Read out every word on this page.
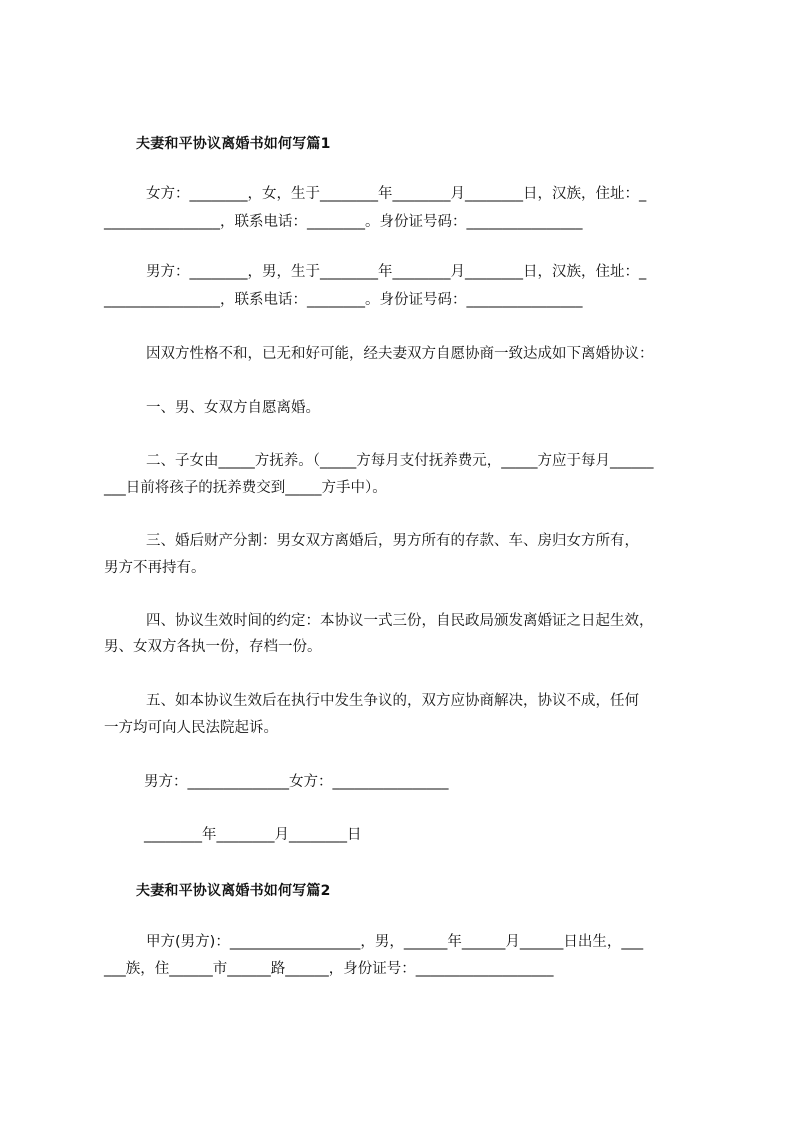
夫妻和平协议离婚书如何写篇1
女方：________，女，生于________年________月________日，汉族，住址：_
________________，联系电话：________。身份证号码：________________
男方：________，男，生于________年________月________日，汉族，住址：_
________________，联系电话：________。身份证号码：________________
因双方性格不和，已无和好可能，经夫妻双方自愿协商一致达成如下离婚协议：
一、男、女双方自愿离婚。
二、子女由_____方抚养。（_____方每月支付抚养费元，_____方应于每月______
___日前将孩子的抚养费交到_____方手中）。
三、婚后财产分割：男女双方离婚后，男方所有的存款、车、房归女方所有，
男方不再持有。
四、协议生效时间的约定：本协议一式三份，自民政局颁发离婚证之日起生效，
男、女双方各执一份，存档一份。
五、如本协议生效后在执行中发生争议的，双方应协商解决，协议不成，任何
一方均可向人民法院起诉。
男方：______________女方：________________
________年________月________日
夫妻和平协议离婚书如何写篇2
甲方(男方)：__________________，男，______年______月______日出生，___
___族，住______市______路______，身份证号：___________________
